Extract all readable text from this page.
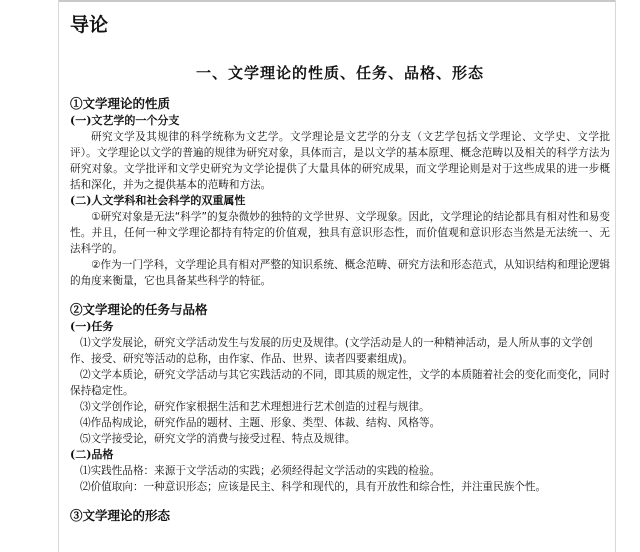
导论
一、文学理论的性质、任务、品格、形态
①文学理论的性质
(一)文艺学的一个分支

研究文学及其规律的科学统称为文艺学。文学理论是文艺学的分支（文艺学包括文学理论、文学史、文学批评）。文学理论以文学的普遍的规律为研究对象，具体而言，是以文学的基本原理、概念范畴以及相关的科学方法为研究对象。文学批评和文学史研究为文学论提供了大量具体的研究成果，而文学理论则是对于这些成果的进一步概括和深化，并为之提供基本的范畴和方法。

(二)人文学科和社会科学的双重属性

①研究对象是无法“科学”的复杂微妙的独特的文学世界、文学现象。因此，文学理论的结论都具有相对性和易变性。并且，任何一种文学理论都持有特定的价值观，独具有意识形态性，而价值观和意识形态当然是无法统一、无法科学的。

②作为一门学科，文学理论具有相对严整的知识系统、概念范畴、研究方法和形态范式，从知识结构和理论逻辑的角度来衡量，它也具备某些科学的特征。

②文学理论的任务与品格
(一)任务

⑴文学发展论，研究文学活动发生与发展的历史及规律。(文学活动是人的一种精神活动，是人所从事的文学创作、接受、研究等活动的总称，由作家、作品、世界、读者四要素组成)。

⑵文学本质论，研究文学活动与其它实践活动的不同，即其质的规定性，文学的本质随着社会的变化而变化，同时保持稳定性。

⑶文学创作论，研究作家根据生活和艺术理想进行艺术创造的过程与规律。

⑷作品构成论，研究作品的题材、主题、形象、类型、体裁、结构、风格等。

⑸文学接受论，研究文学的消费与接受过程、特点及规律。

(二)品格

⑴实践性品格：来源于文学活动的实践；必须经得起文学活动的实践的检验。

⑵价值取向：一种意识形态；应该是民主、科学和现代的，具有开放性和综合性，并注重民族个性。

③文学理论的形态
